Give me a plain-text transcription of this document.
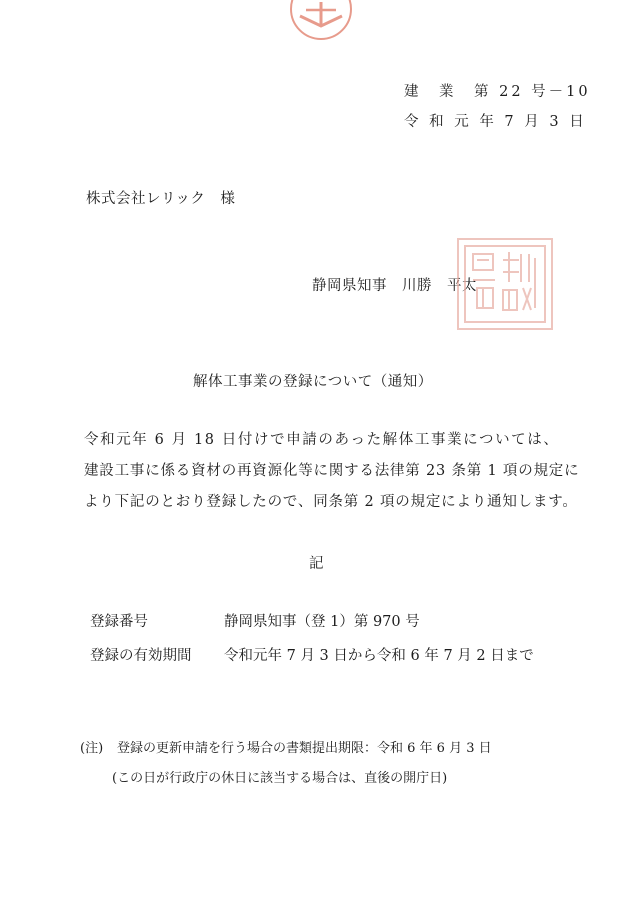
建　業　第 22 号－10
令 和 元 年 7 月 3 日
株式会社レリック　様
静岡県知事　川勝　平太
解体工事業の登録について（通知）
令和元年 6 月 18 日付けで申請のあった解体工事業については、
建設工事に係る資材の再資源化等に関する法律第 23 条第 1 項の規定に
より下記のとおり登録したので、同条第 2 項の規定により通知します。
記
登録番号	静岡県知事（登 1）第 970 号
登録の有効期間 令和元年 7 月 3 日から令和 6 年 7 月 2 日まで
(注) 登録の更新申請を行う場合の書類提出期限：令和 6 年 6 月 3 日
(この日が行政庁の休日に該当する場合は、直後の開庁日)
